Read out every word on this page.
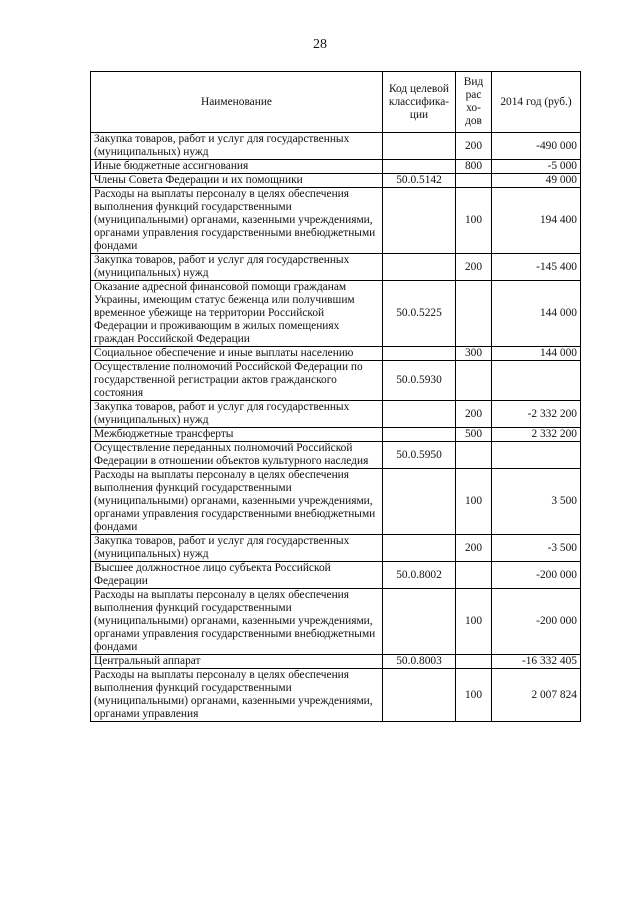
28
Наименование	Код целевой классифика-ции	Вид рас хо-дов	2014 год (руб.)
Закупка товаров, работ и услуг для государственных (муниципальных) нужд		200	-490 000
Иные бюджетные ассигнования		800	-5 000
Члены Совета Федерации и их помощники	50.0.5142		49 000
Расходы на выплаты персоналу в целях обеспечения выполнения функций государственными (муниципальными) органами, казенными учреждениями, органами управления государственными внебюджетными фондами		100	194 400
Закупка товаров, работ и услуг для государственных (муниципальных) нужд		200	-145 400
Оказание адресной финансовой помощи гражданам Украины, имеющим статус беженца или получившим временное убежище на территории Российской Федерации и проживающим в жилых помещениях граждан Российской Федерации	50.0.5225		144 000
Социальное обеспечение и иные выплаты населению		300	144 000
Осуществление полномочий Российской Федерации по государственной регистрации актов гражданского состояния	50.0.5930		
Закупка товаров, работ и услуг для государственных (муниципальных) нужд		200	-2 332 200
Межбюджетные трансферты		500	2 332 200
Осуществление переданных полномочий Российской Федерации в отношении объектов культурного наследия	50.0.5950		
Расходы на выплаты персоналу в целях обеспечения выполнения функций государственными (муниципальными) органами, казенными учреждениями, органами управления государственными внебюджетными фондами		100	3 500
Закупка товаров, работ и услуг для государственных (муниципальных) нужд		200	-3 500
Высшее должностное лицо субъекта Российской Федерации	50.0.8002		-200 000
Расходы на выплаты персоналу в целях обеспечения выполнения функций государственными (муниципальными) органами, казенными учреждениями, органами управления государственными внебюджетными фондами		100	-200 000
Центральный аппарат	50.0.8003		-16 332 405
Расходы на выплаты персоналу в целях обеспечения выполнения функций государственными (муниципальными) органами, казенными учреждениями, органами управления		100	2 007 824
